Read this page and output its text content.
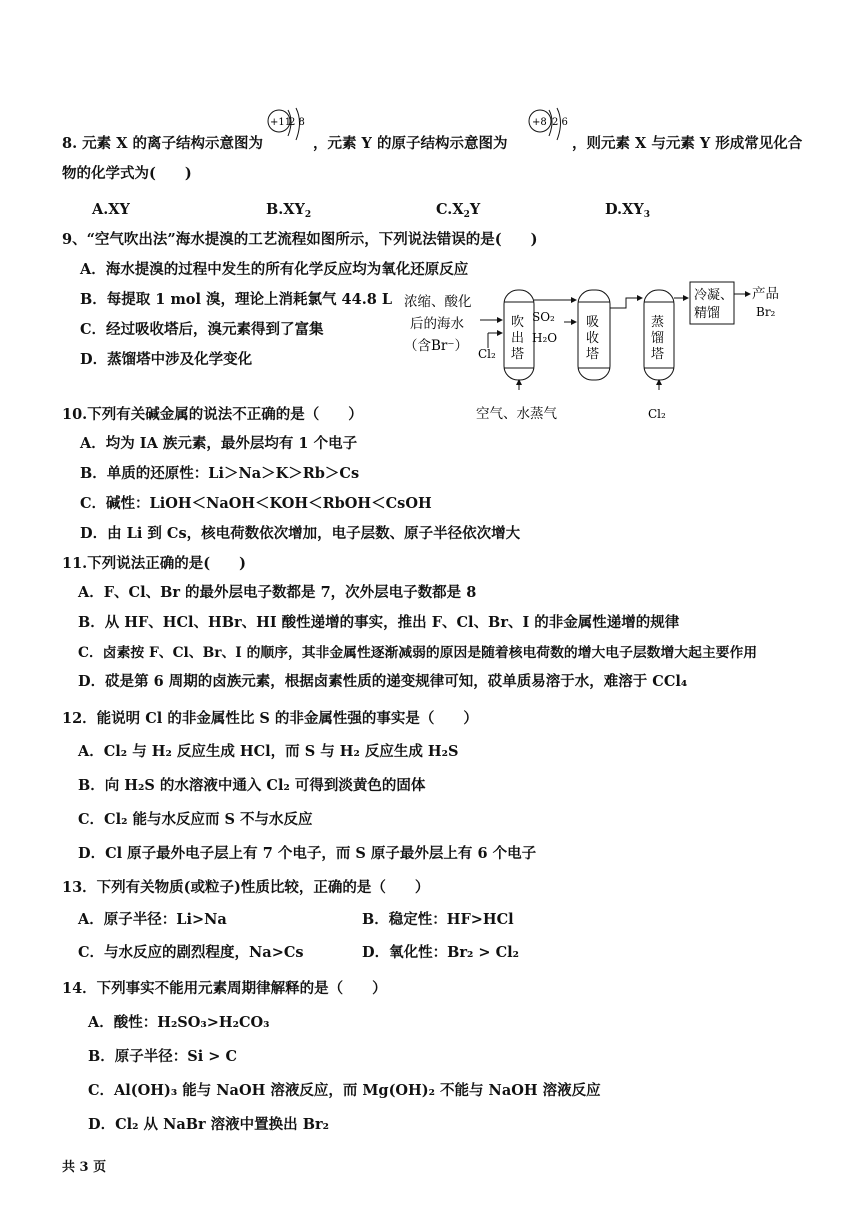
8. 元素 X 的离子结构示意图为
+11
2 8
，元素 Y 的原子结构示意图为
+8 2 6
，则元素 X 与元素 Y 形成常见化合
物的化学式为(　　)
A.XY	$B.XY_2$	$C.X_2Y$	$D.XY_3$
9、“空气吹出法”海水提溴的工艺流程如图所示，下列说法错误的是(　　)
A．海水提溴的过程中发生的所有化学反应均为氧化还原反应
B．每提取 1 mol 溴，理论上消耗氯气 44.8 L
C．经过吸收塔后，溴元素得到了富集
D．蒸馏塔中涉及化学变化
浓缩、酸化
后的海水
（含Br⁻） Cl₂
吹
出
塔
空气、水蒸气
SO₂
H₂O
吸
收
塔
蒸
馏
塔
Cl₂
冷凝、
精馏
产品
Br₂
10.下列有关碱金属的说法不正确的是（　　）
A．均为 IA 族元素，最外层均有 1 个电子
B．单质的还原性：Li＞Na＞K＞Rb＞Cs
C．碱性：LiOH＜NaOH＜KOH＜RbOH＜CsOH
D．由 Li 到 Cs，核电荷数依次增加，电子层数、原子半径依次增大
11.下列说法正确的是(　　)
A．F、Cl、Br 的最外层电子数都是 7，次外层电子数都是 8
B．从 HF、HCl、HBr、HI 酸性递增的事实，推出 F、Cl、Br、I 的非金属性递增的规律
C．卤素按 F、Cl、Br、I 的顺序，其非金属性逐渐减弱的原因是随着核电荷数的增大电子层数增大起主要作用
D．砹是第 6 周期的卤族元素，根据卤素性质的递变规律可知，砹单质易溶于水，难溶于 CCl₄
12．能说明 Cl 的非金属性比 S 的非金属性强的事实是（　　）
A．Cl₂ 与 H₂ 反应生成 HCl，而 S 与 H₂ 反应生成 H₂S
B．向 H₂S 的水溶液中通入 Cl₂ 可得到淡黄色的固体
C．Cl₂ 能与水反应而 S 不与水反应
D．Cl 原子最外电子层上有 7 个电子，而 S 原子最外层上有 6 个电子
13．下列有关物质(或粒子)性质比较，正确的是（　　）
A．原子半径：Li>Na	B．稳定性：HF>HCl
C．与水反应的剧烈程度，Na>Cs	D．氧化性：Br₂ > Cl₂
14．下列事实不能用元素周期律解释的是（　　）
A．酸性：H₂SO₃>H₂CO₃
B．原子半径：Si > C
C．Al(OH)₃ 能与 NaOH 溶液反应，而 Mg(OH)₂ 不能与 NaOH 溶液反应
D．Cl₂ 从 NaBr 溶液中置换出 Br₂
共 3 页
